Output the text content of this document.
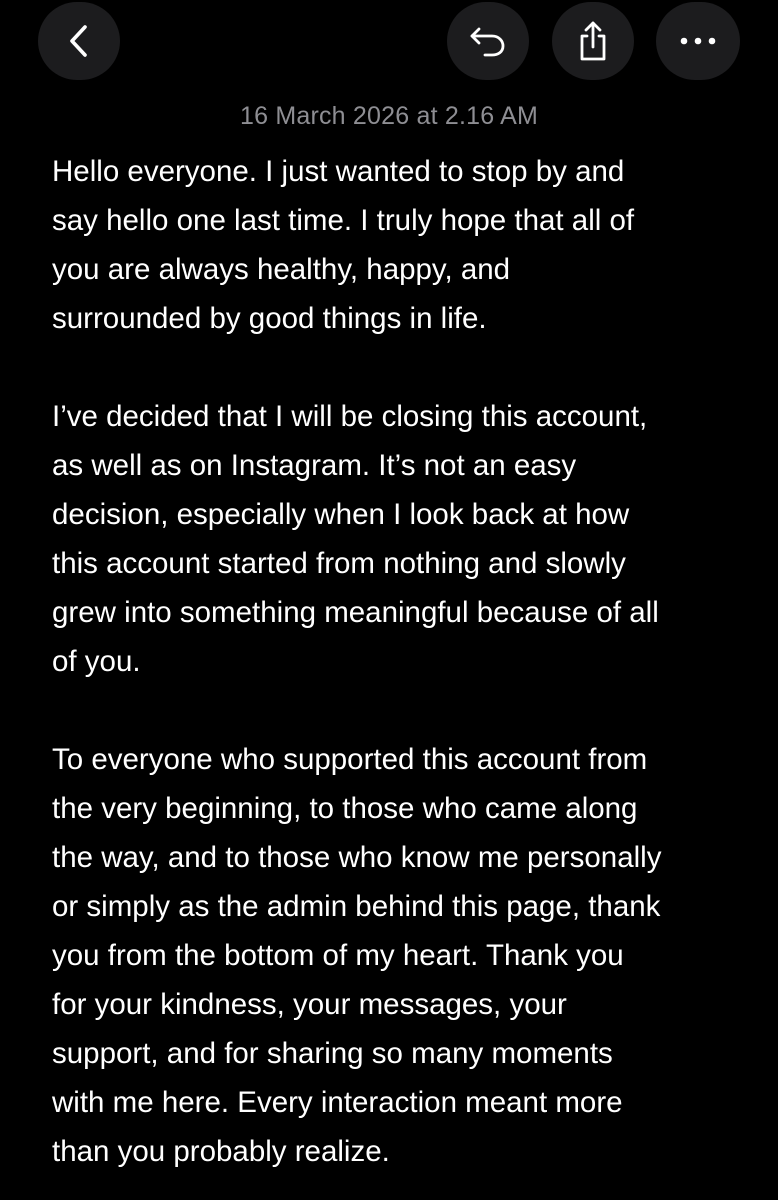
16 March 2026 at 2.16 AM

Hello everyone. I just wanted to stop by and
say hello one last time. I truly hope that all of
you are always healthy, happy, and
surrounded by good things in life.

I’ve decided that I will be closing this account,
as well as on Instagram. It’s not an easy
decision, especially when I look back at how
this account started from nothing and slowly
grew into something meaningful because of all
of you.

To everyone who supported this account from
the very beginning, to those who came along
the way, and to those who know me personally
or simply as the admin behind this page, thank
you from the bottom of my heart. Thank you
for your kindness, your messages, your
support, and for sharing so many moments
with me here. Every interaction meant more
than you probably realize.
